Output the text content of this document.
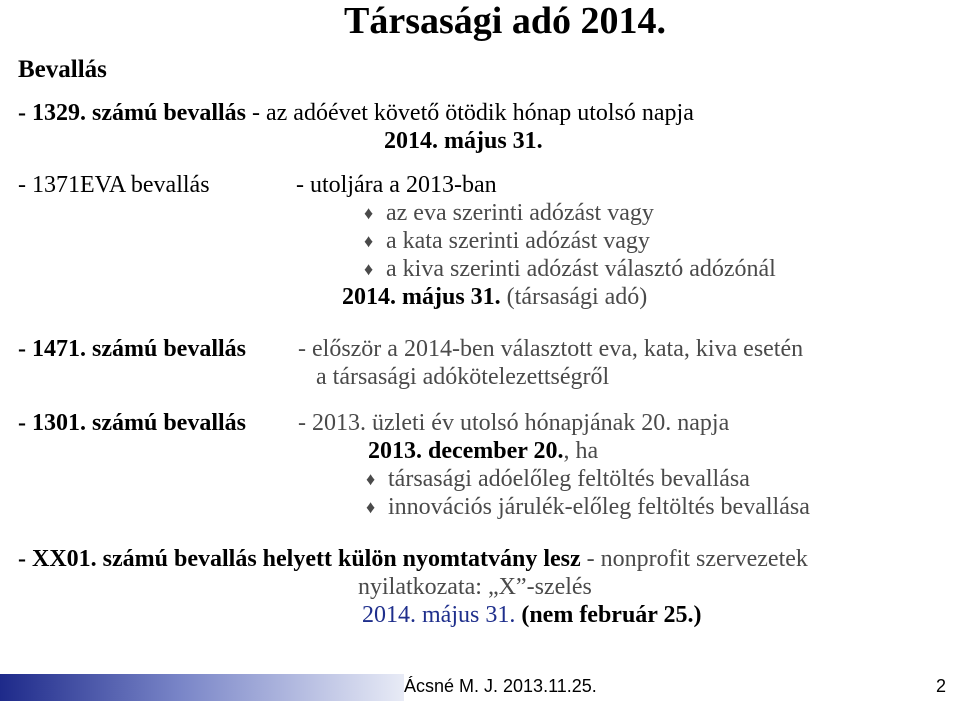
Társasági adó 2014.
Bevallás
- 1329. számú bevallás - az adóévet követő ötödik hónap utolsó napja
2014. május 31.
- 1371EVA bevallás	- utoljára a 2013-ban
♦ az eva szerinti adózást vagy
♦ a kata szerinti adózást vagy
♦ a kiva szerinti adózást választó adózónál
2014. május 31. (társasági adó)
- 1471. számú bevallás - először a 2014-ben választott eva, kata, kiva esetén
a társasági adókötelezettségről
- 1301. számú bevallás - 2013. üzleti év utolsó hónapjának 20. napja
2013. december 20., ha
♦ társasági adóelőleg feltöltés bevallása
♦ innovációs járulék-előleg feltöltés bevallása
- XX01. számú bevallás helyett külön nyomtatvány lesz - nonprofit szervezetek
nyilatkozata: „X”-szelés
2014. május 31. (nem február 25.)
Ácsné M. J. 2013.11.25.	2
